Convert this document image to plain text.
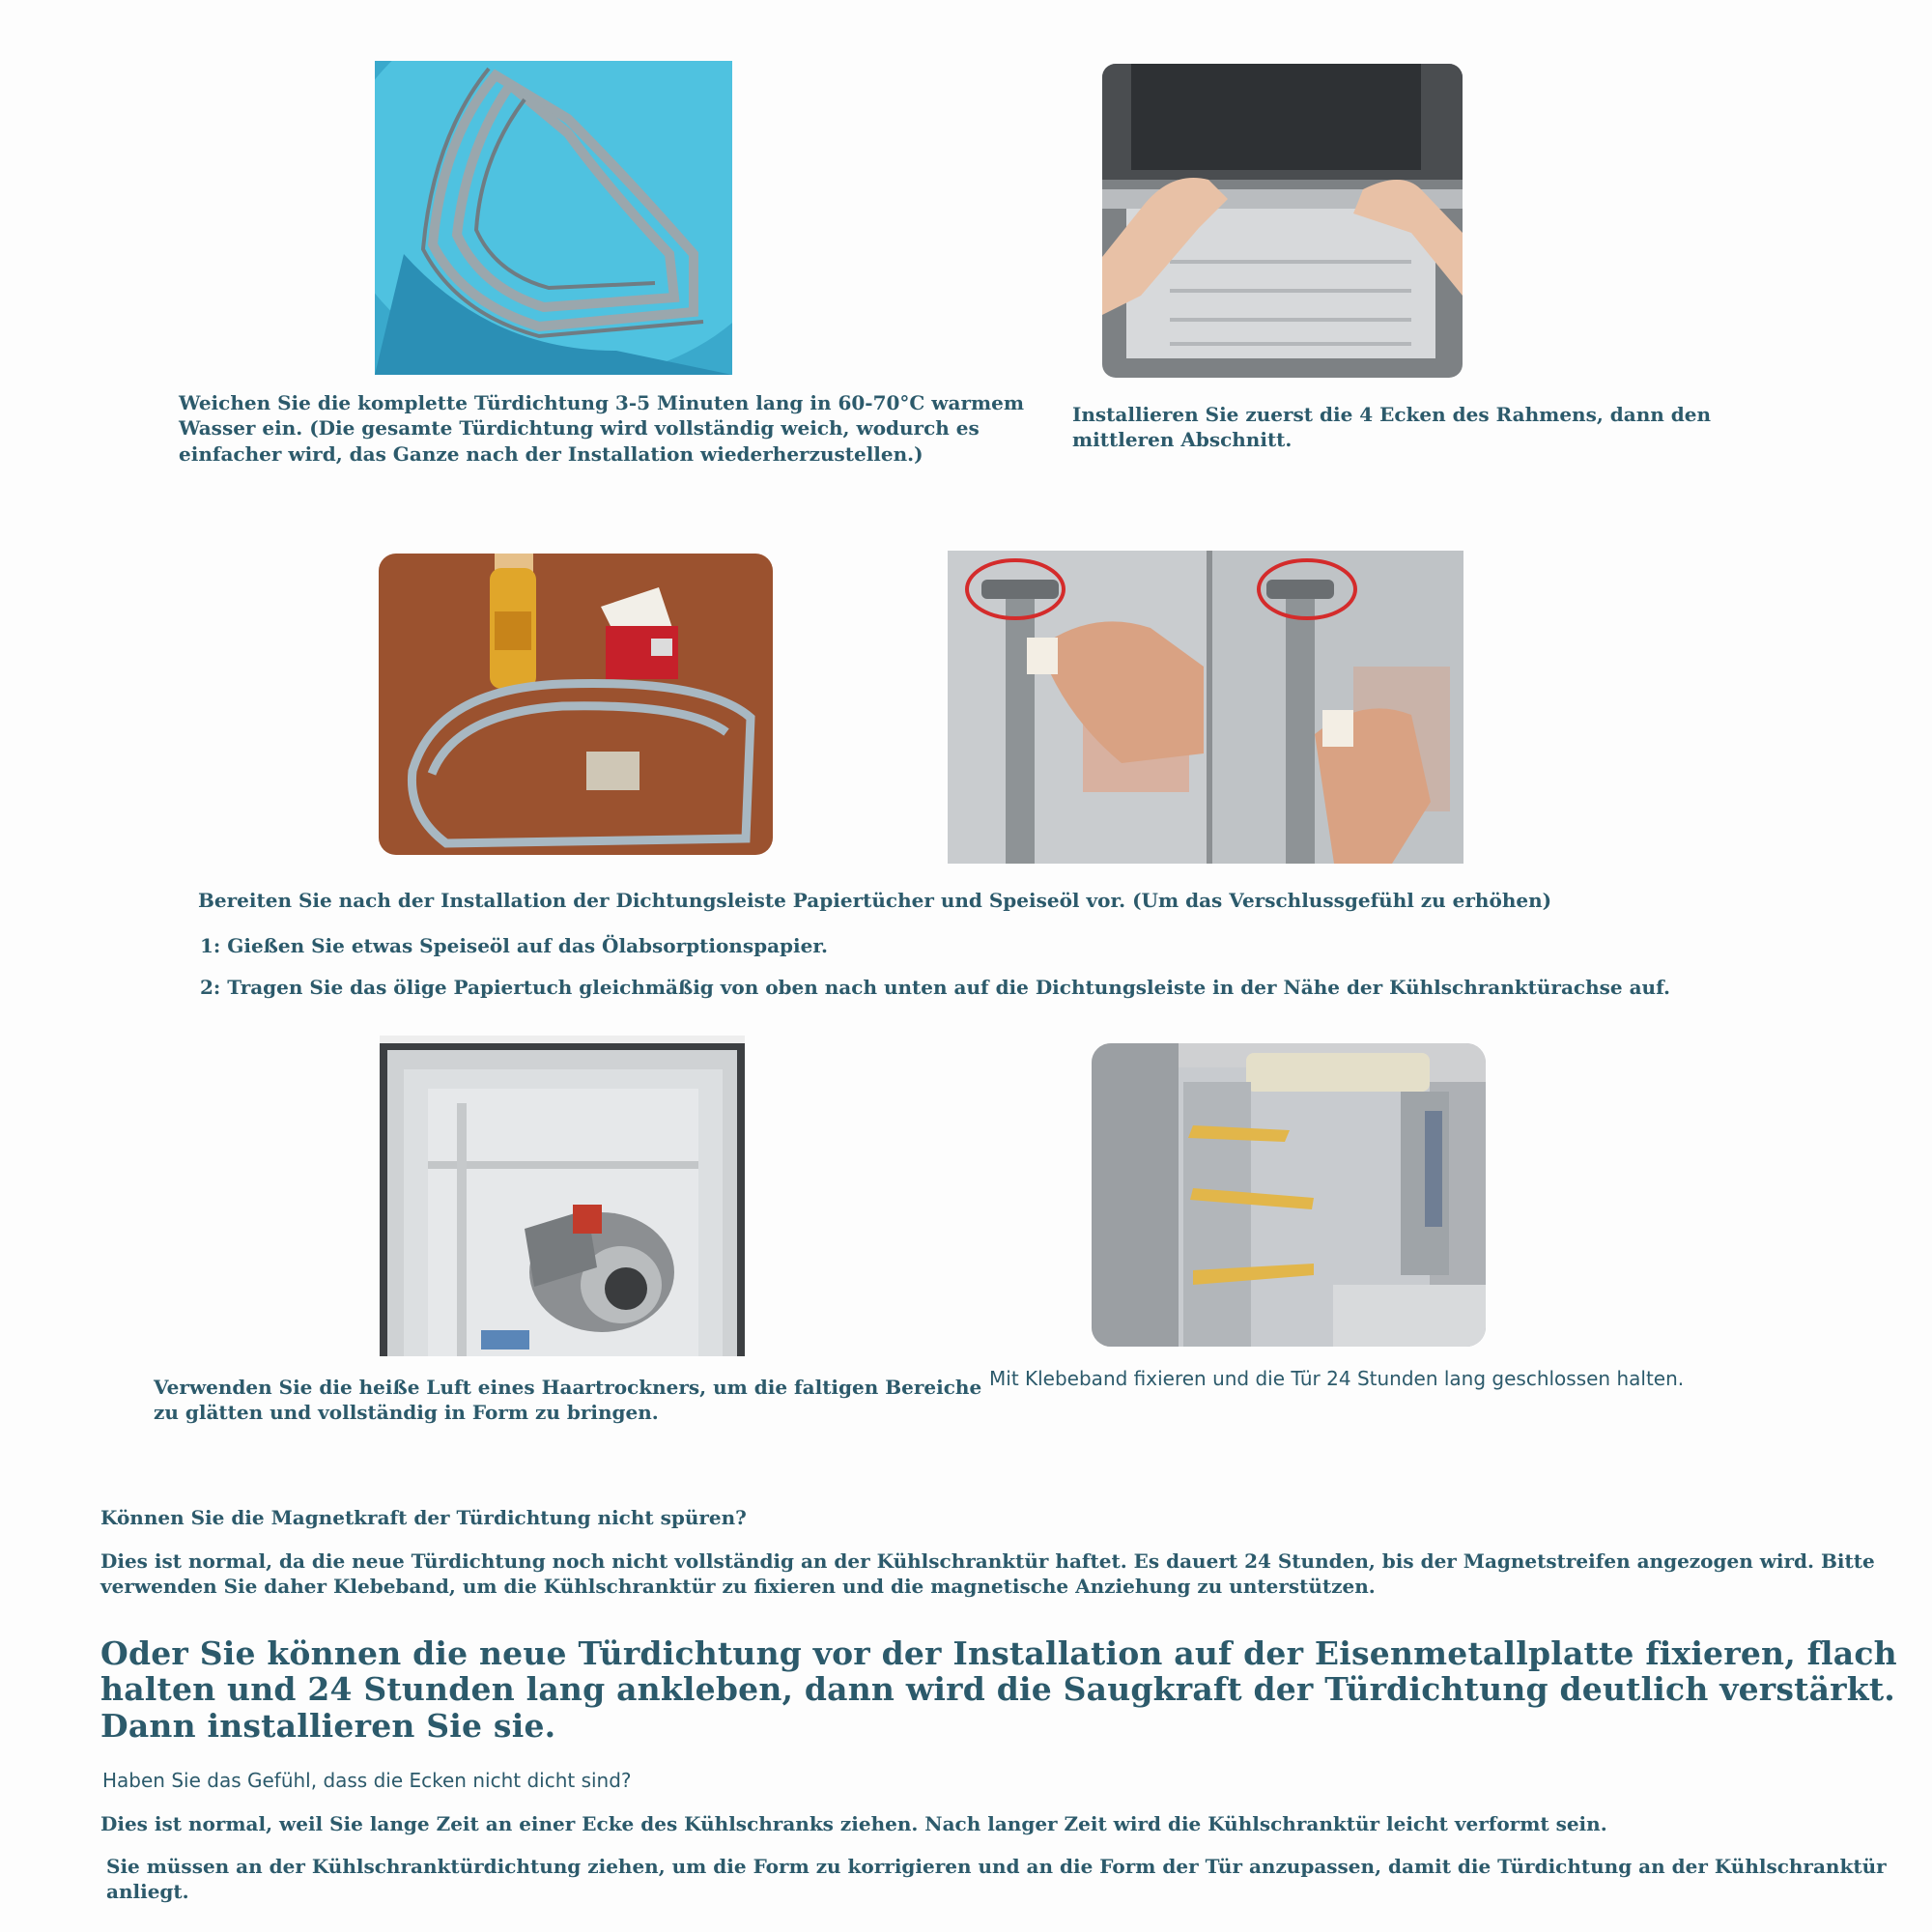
Weichen Sie die komplette Türdichtung 3-5 Minuten lang in 60-70°C warmem Wasser ein. (Die gesamte Türdichtung wird vollständig weich, wodurch es einfacher wird, das Ganze nach der Installation wiederherzustellen.)

Installieren Sie zuerst die 4 Ecken des Rahmens, dann den mittleren Abschnitt.

Bereiten Sie nach der Installation der Dichtungsleiste Papiertücher und Speiseöl vor. (Um das Verschlussgefühl zu erhöhen)

1: Gießen Sie etwas Speiseöl auf das Ölabsorptionspapier.

2: Tragen Sie das ölige Papiertuch gleichmäßig von oben nach unten auf die Dichtungsleiste in der Nähe der Kühlschranktürachse auf.

Verwenden Sie die heiße Luft eines Haartrockners, um die faltigen Bereiche zu glätten und vollständig in Form zu bringen.

Mit Klebeband fixieren und die Tür 24 Stunden lang geschlossen halten.

Können Sie die Magnetkraft der Türdichtung nicht spüren?

Dies ist normal, da die neue Türdichtung noch nicht vollständig an der Kühlschranktür haftet. Es dauert 24 Stunden, bis der Magnetstreifen angezogen wird. Bitte verwenden Sie daher Klebeband, um die Kühlschranktür zu fixieren und die magnetische Anziehung zu unterstützen.

Oder Sie können die neue Türdichtung vor der Installation auf der Eisenmetallplatte fixieren, flach halten und 24 Stunden lang ankleben, dann wird die Saugkraft der Türdichtung deutlich verstärkt. Dann installieren Sie sie.

Haben Sie das Gefühl, dass die Ecken nicht dicht sind?

Dies ist normal, weil Sie lange Zeit an einer Ecke des Kühlschranks ziehen. Nach langer Zeit wird die Kühlschranktür leicht verformt sein.

Sie müssen an der Kühlschranktürdichtung ziehen, um die Form zu korrigieren und an die Form der Tür anzupassen, damit die Türdichtung an der Kühlschranktür anliegt.
